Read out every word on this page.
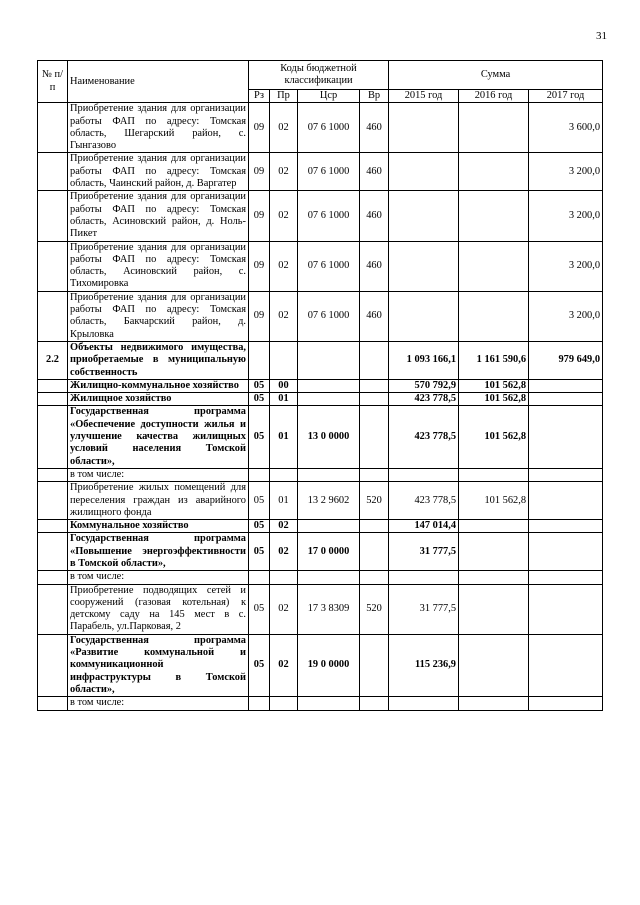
31
№ п/п	Наименование	Коды бюджетной классификации				Сумма		
		Рз	Пр	Цср	Вр	2015 год	2016 год	2017 год
	Приобретение здания для организации работы ФАП по адресу: Томская область, Шегарский район, с. Гынгазово	09	02	07 6 1000	460			3 600,0
	Приобретение здания для организации работы ФАП по адресу: Томская область, Чаинский район, д. Варгатер	09	02	07 6 1000	460			3 200,0
	Приобретение здания для организации работы ФАП по адресу: Томская область, Асиновский район, д. Ноль-Пикет	09	02	07 6 1000	460			3 200,0
	Приобретение здания для организации работы ФАП по адресу: Томская область, Асиновский район, с. Тихомировка	09	02	07 6 1000	460			3 200,0
	Приобретение здания для организации работы ФАП по адресу: Томская область, Бакчарский район, д. Крыловка	09	02	07 6 1000	460			3 200,0
2.2	Объекты недвижимого имущества, приобретаемые в муниципальную собственность					1 093 166,1	1 161 590,6	979 649,0
	Жилищно-коммунальное хозяйство	05	00			570 792,9	101 562,8	
	Жилищное хозяйство	05	01			423 778,5	101 562,8	
	Государственная программа «Обеспечение доступности жилья и улучшение качества жилищных условий населения Томской области»,	05	01	13 0 0000		423 778,5	101 562,8	
	в том числе:							
	Приобретение жилых помещений для переселения граждан из аварийного жилищного фонда	05	01	13 2 9602	520	423 778,5	101 562,8	
	Коммунальное хозяйство	05	02			147 014,4		
	Государственная программа «Повышение энергоэффективности в Томской области»,	05	02	17 0 0000		31 777,5		
	в том числе:							
	Приобретение подводящих сетей и сооружений (газовая котельная) к детскому саду на 145 мест в с. Парабель, ул.Парковая, 2	05	02	17 3 8309	520	31 777,5		
	Государственная программа «Развитие коммунальной и коммуникационной инфраструктуры в Томской области»,	05	02	19 0 0000		115 236,9		
	в том числе:							
